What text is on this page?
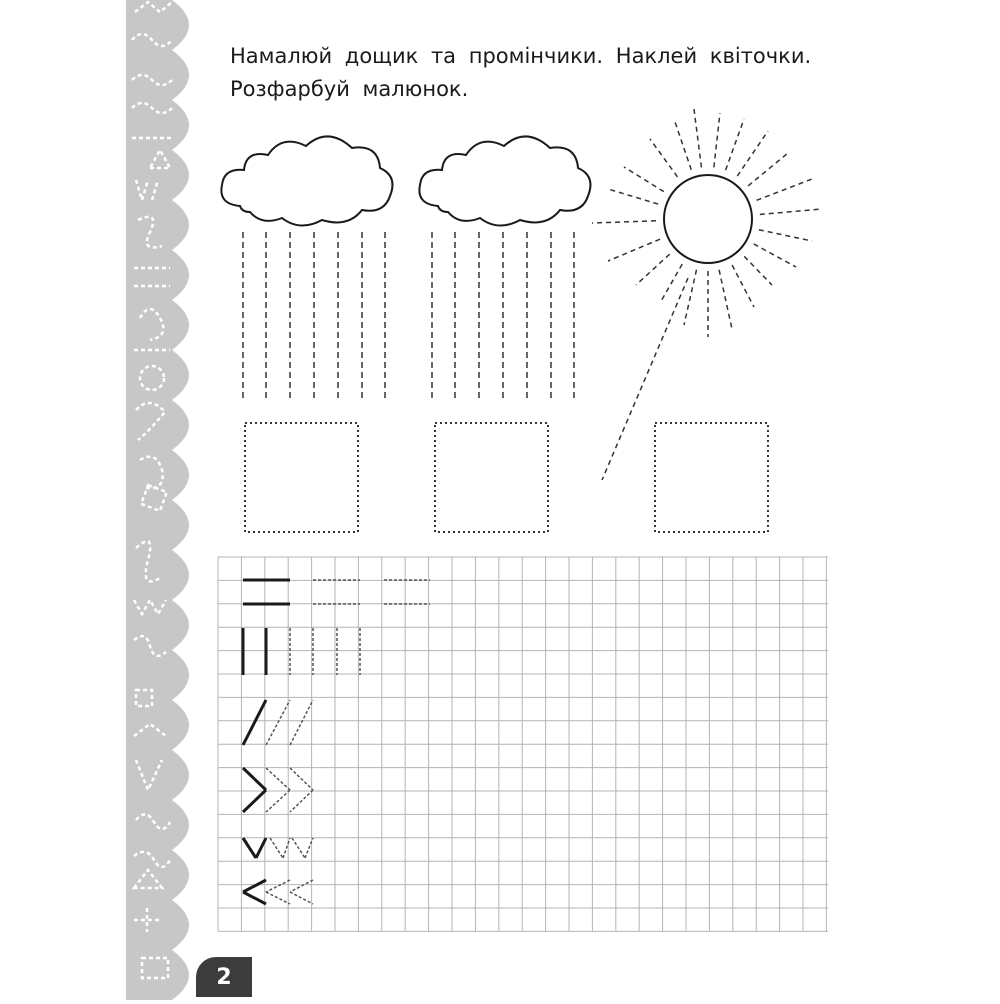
Намалюй дощик та промінчики. Наклей квіточки.
Розфарбуй малюнок.

2
